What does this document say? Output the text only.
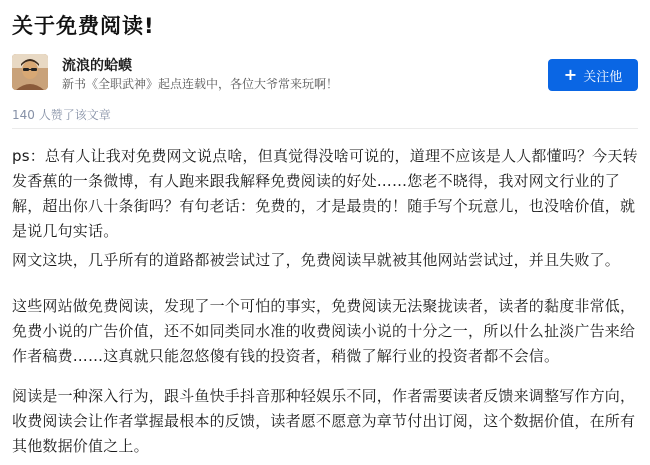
关于免费阅读!
流浪的蛤蟆
新书《全职武神》起点连载中，各位大爷常来玩啊！	+ 关注他
140 人赞了该文章

ps：总有人让我对免费网文说点啥，但真觉得没啥可说的，道理不应该是人人都懂吗？今天转发香蕉的一条微博，有人跑来跟我解释免费阅读的好处……您老不晓得，我对网文行业的了解，超出你八十条街吗？有句老话：免费的，才是最贵的！随手写个玩意儿，也没啥价值，就是说几句实话。

网文这块，几乎所有的道路都被尝试过了，免费阅读早就被其他网站尝试过，并且失败了。

这些网站做免费阅读，发现了一个可怕的事实，免费阅读无法聚拢读者，读者的黏度非常低，免费小说的广告价值，还不如同类同水准的收费阅读小说的十分之一，所以什么扯淡广告来给作者稿费……这真就只能忽悠傻有钱的投资者，稍微了解行业的投资者都不会信。

阅读是一种深入行为，跟斗鱼快手抖音那种轻娱乐不同，作者需要读者反馈来调整写作方向，收费阅读会让作者掌握最根本的反馈，读者愿不愿意为章节付出订阅，这个数据价值，在所有其他数据价值之上。
